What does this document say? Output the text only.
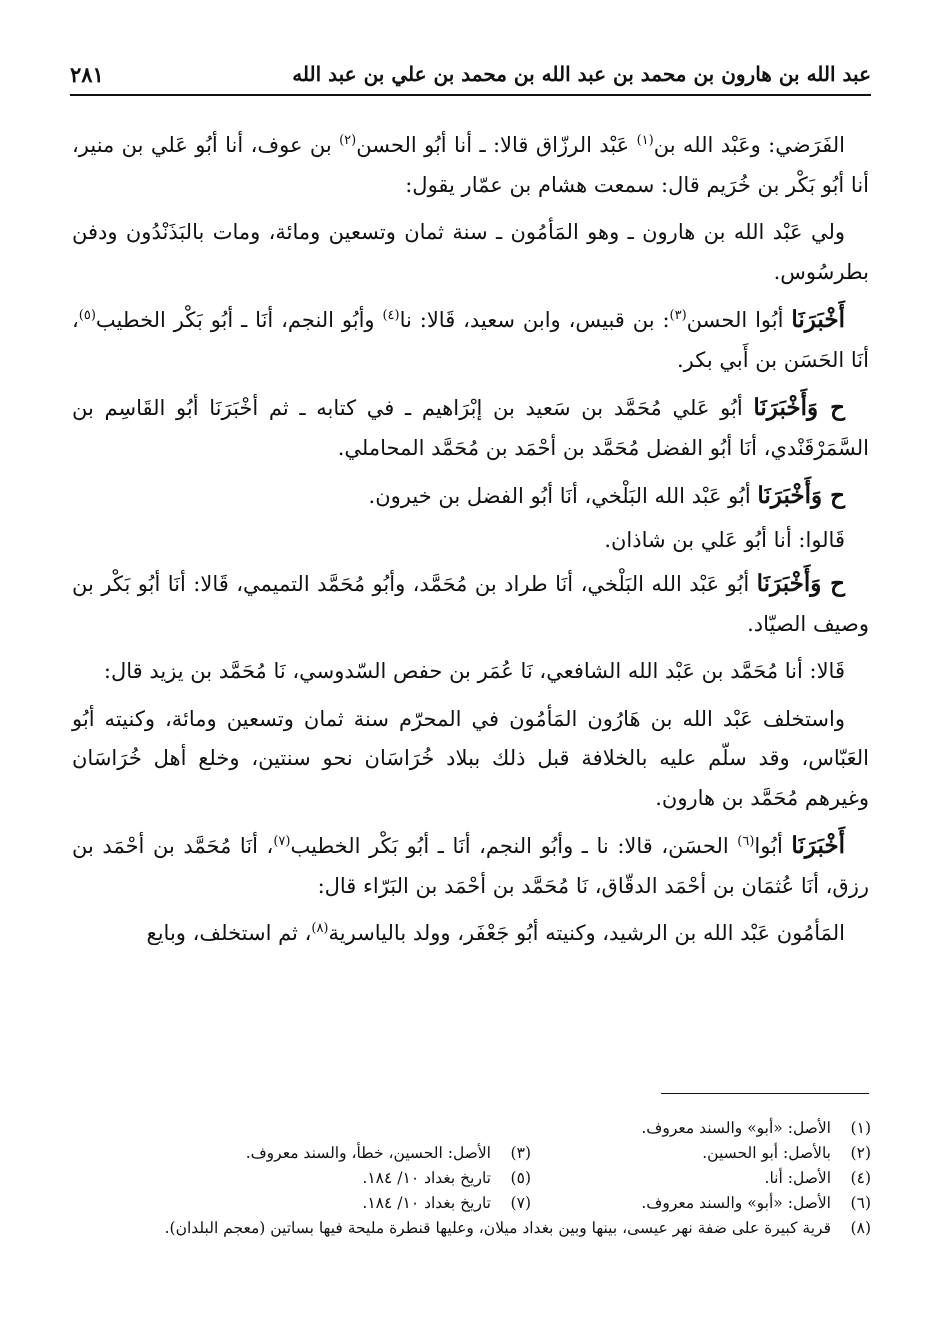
عبد الله بن هارون بن محمد بن عبد الله بن محمد بن علي بن عبد الله
٢٨١

الفَرَضي: وعَبْد الله بن$^{(١)}$ عَبْد الرزّاق قالا: ـ أنا أبُو الحسن$^{(٢)}$ بن عوف، أنا أبُو عَلي بن منير، أنا أبُو بَكْر بن خُرَيم قال: سمعت هشام بن عمّار يقول:

ولي عَبْد الله بن هارون ـ وهو المَأمُون ـ سنة ثمان وتسعين ومائة، ومات بالبَذَنْدُون ودفن بطرسُوس.

أَخْبَرَنَا أبُوا الحسن$^{(٣)}$: بن قبيس، وابن سعيد، قَالا: نا$^{(٤)}$ وأبُو النجم، أنَا ـ أبُو بَكْر الخطيب$^{(٥)}$، أنَا الحَسَن بن أَبي بكر.

ح وَأَخْبَرَنَا أبُو عَلي مُحَمَّد بن سَعيد بن إبْرَاهيم ـ في كتابه ـ ثم أخْبَرَنَا أبُو القَاسِم بن السَّمَرْقَنْدي، أنَا أبُو الفضل مُحَمَّد بن أحْمَد بن مُحَمَّد المحاملي.

ح وَأَخْبَرَنَا أبُو عَبْد الله البَلْخي، أنَا أبُو الفضل بن خيرون.

قَالوا: أنا أبُو عَلي بن شاذان.

ح وَأَخْبَرَنَا أبُو عَبْد الله البَلْخي، أنَا طراد بن مُحَمَّد، وأبُو مُحَمَّد التميمي، قَالا: أنَا أبُو بَكْر بن وصيف الصيّاد.

قَالا: أنا مُحَمَّد بن عَبْد الله الشافعي، نَا عُمَر بن حفص السّدوسي، نَا مُحَمَّد بن يزيد قال:

واستخلف عَبْد الله بن هَارُون المَأمُون في المحرّم سنة ثمان وتسعين ومائة، وكنيته أبُو العَبّاس، وقد سلّم عليه بالخلافة قبل ذلك ببلاد خُرَاسَان نحو سنتين، وخلع أهل خُرَاسَان وغيرهم مُحَمَّد بن هارون.

أَخْبَرَنَا أبُوا$^{(٦)}$ الحسَن، قالا: نا ـ وأبُو النجم، أنَا ـ أبُو بَكْر الخطيب$^{(٧)}$، أنَا مُحَمَّد بن أحْمَد بن رزق، أنَا عُثمَان بن أحْمَد الدقّاق، نَا مُحَمَّد بن أحْمَد بن البَرّاء قال:

المَأمُون عَبْد الله بن الرشيد، وكنيته أبُو جَعْفَر، وولد بالياسرية$^{(٨)}$، ثم استخلف، وبايع

(١)الأصل: «أبو» والسند معروف.
(٢)بالأصل: أبو الحسين.
(٣)الأصل: الحسين، خطأ، والسند معروف.
(٤)الأصل: أنا.
(٥)تاريخ بغداد ١٠/ ١٨٤.
(٦)الأصل: «أبو» والسند معروف.
(٧)تاريخ بغداد ١٠/ ١٨٤.
(٨)قرية كبيرة على ضفة نهر عيسى، بينها وبين بغداد ميلان، وعليها قنطرة مليحة فيها بساتين (معجم البلدان).
